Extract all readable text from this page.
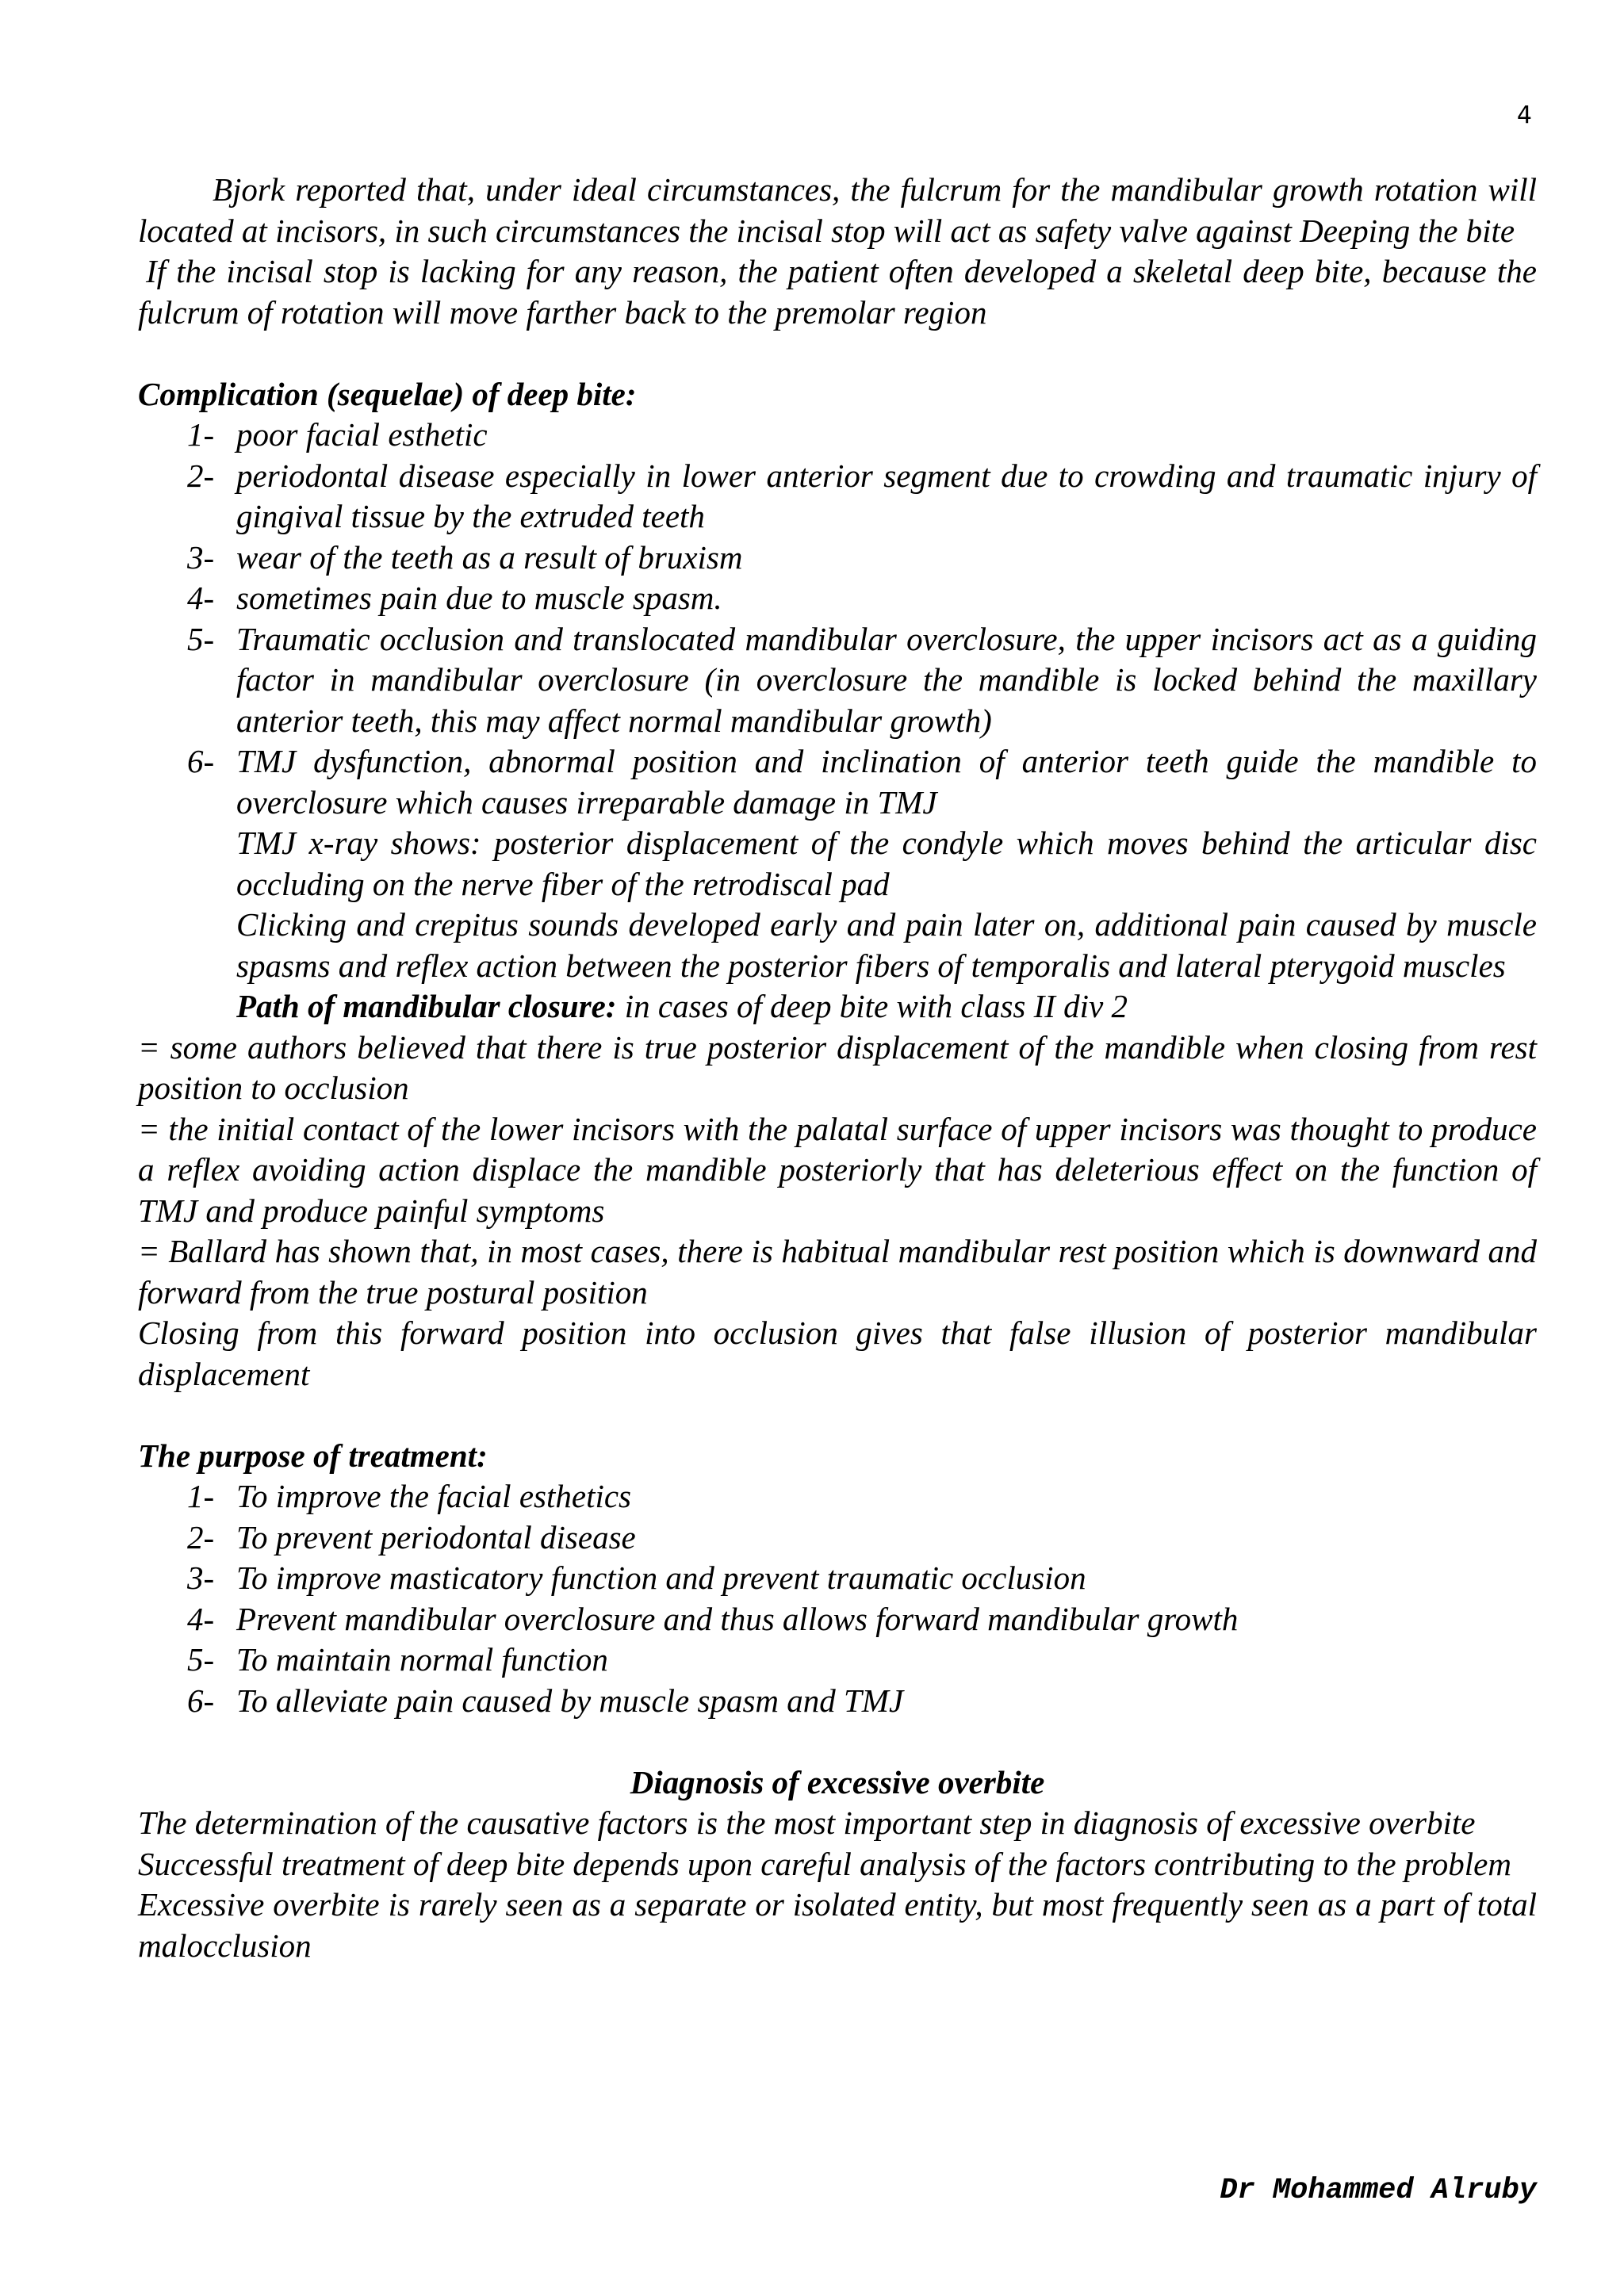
4

Bjork reported that, under ideal circumstances, the fulcrum for the mandibular growth rotation will located at incisors, in such circumstances the incisal stop will act as safety valve against Deeping the bite

If the incisal stop is lacking for any reason, the patient often developed a skeletal deep bite, because the fulcrum of rotation will move farther back to the premolar region

Complication (sequelae) of deep bite:

1- poor facial esthetic
2- periodontal disease especially in lower anterior segment due to crowding and traumatic injury of gingival tissue by the extruded teeth
3- wear of the teeth as a result of bruxism
4- sometimes pain due to muscle spasm.
5- Traumatic occlusion and translocated mandibular overclosure, the upper incisors act as a guiding factor in mandibular overclosure (in overclosure the mandible is locked behind the maxillary anterior teeth, this may affect normal mandibular growth)
6- TMJ dysfunction, abnormal position and inclination of anterior teeth guide the mandible to overclosure which causes irreparable damage in TMJ

TMJ x-ray shows: posterior displacement of the condyle which moves behind the articular disc occluding on the nerve fiber of the retrodiscal pad

Clicking and crepitus sounds developed early and pain later on, additional pain caused by muscle spasms and reflex action between the posterior fibers of temporalis and lateral pterygoid muscles

Path of mandibular closure: in cases of deep bite with class II div 2

= some authors believed that there is true posterior displacement of the mandible when closing from rest position to occlusion

= the initial contact of the lower incisors with the palatal surface of upper incisors was thought to produce a reflex avoiding action displace the mandible posteriorly that has deleterious effect on the function of TMJ and produce painful symptoms

= Ballard has shown that, in most cases, there is habitual mandibular rest position which is downward and forward from the true postural position

Closing from this forward position into occlusion gives that false illusion of posterior mandibular displacement

The purpose of treatment:

1- To improve the facial esthetics
2- To prevent periodontal disease
3- To improve masticatory function and prevent traumatic occlusion
4- Prevent mandibular overclosure and thus allows forward mandibular growth
5- To maintain normal function
6- To alleviate pain caused by muscle spasm and TMJ

Diagnosis of excessive overbite

The determination of the causative factors is the most important step in diagnosis of excessive overbite

Successful treatment of deep bite depends upon careful analysis of the factors contributing to the problem

Excessive overbite is rarely seen as a separate or isolated entity, but most frequently seen as a part of total malocclusion

Dr Mohammed Alruby
